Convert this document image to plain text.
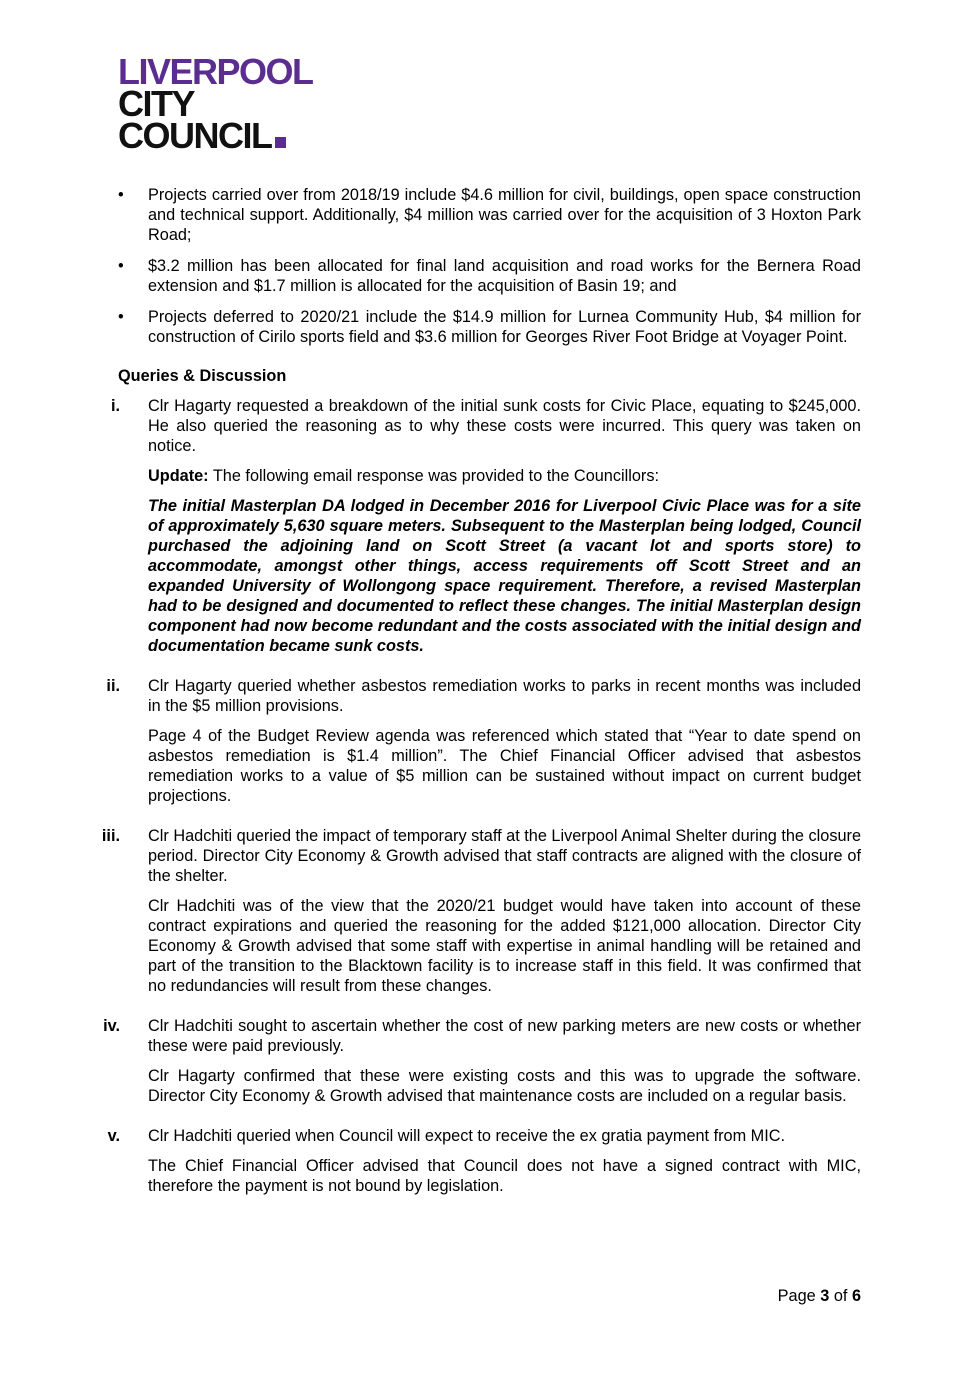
LIVERPOOL
CITY
COUNCIL
• Projects carried over from 2018/19 include $4.6 million for civil, buildings, open space construction and technical support. Additionally, $4 million was carried over for the acquisition of 3 Hoxton Park Road;
• $3.2 million has been allocated for final land acquisition and road works for the Bernera Road extension and $1.7 million is allocated for the acquisition of Basin 19; and
• Projects deferred to 2020/21 include the $14.9 million for Lurnea Community Hub, $4 million for construction of Cirilo sports field and $3.6 million for Georges River Foot Bridge at Voyager Point.
Queries & Discussion
i. Clr Hagarty requested a breakdown of the initial sunk costs for Civic Place, equating to $245,000. He also queried the reasoning as to why these costs were incurred. This query was taken on notice.

Update: The following email response was provided to the Councillors:

The initial Masterplan DA lodged in December 2016 for Liverpool Civic Place was for a site of approximately 5,630 square meters. Subsequent to the Masterplan being lodged, Council purchased the adjoining land on Scott Street (a vacant lot and sports store) to accommodate, amongst other things, access requirements off Scott Street and an expanded University of Wollongong space requirement. Therefore, a revised Masterplan had to be designed and documented to reflect these changes. The initial Masterplan design component had now become redundant and the costs associated with the initial design and documentation became sunk costs.

ii. Clr Hagarty queried whether asbestos remediation works to parks in recent months was included in the $5 million provisions.

Page 4 of the Budget Review agenda was referenced which stated that “Year to date spend on asbestos remediation is $1.4 million”. The Chief Financial Officer advised that asbestos remediation works to a value of $5 million can be sustained without impact on current budget projections.

iii. Clr Hadchiti queried the impact of temporary staff at the Liverpool Animal Shelter during the closure period. Director City Economy & Growth advised that staff contracts are aligned with the closure of the shelter.

Clr Hadchiti was of the view that the 2020/21 budget would have taken into account of these contract expirations and queried the reasoning for the added $121,000 allocation. Director City Economy & Growth advised that some staff with expertise in animal handling will be retained and part of the transition to the Blacktown facility is to increase staff in this field. It was confirmed that no redundancies will result from these changes.

iv. Clr Hadchiti sought to ascertain whether the cost of new parking meters are new costs or whether these were paid previously.

Clr Hagarty confirmed that these were existing costs and this was to upgrade the software. Director City Economy & Growth advised that maintenance costs are included on a regular basis.

v. Clr Hadchiti queried when Council will expect to receive the ex gratia payment from MIC.

The Chief Financial Officer advised that Council does not have a signed contract with MIC, therefore the payment is not bound by legislation.

Page 3 of 6
